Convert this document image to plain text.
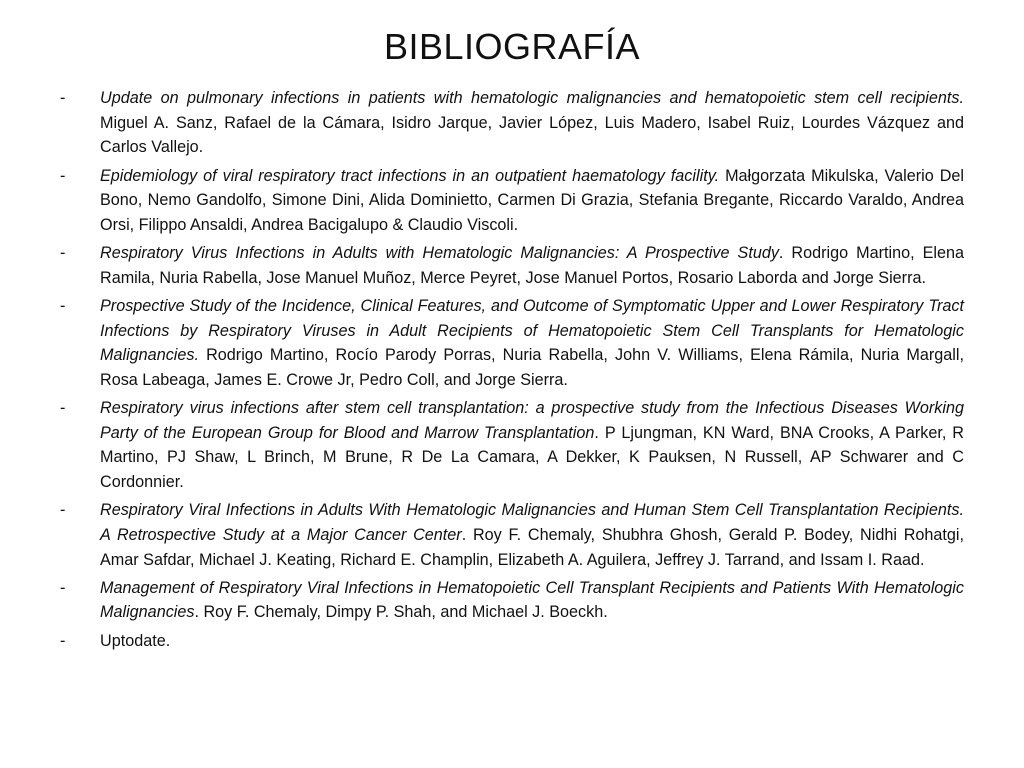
BIBLIOGRAFÍA
- Update on pulmonary infections in patients with hematologic malignancies and hematopoietic stem cell recipients. Miguel A. Sanz, Rafael de la Cámara, Isidro Jarque, Javier López, Luis Madero, Isabel Ruiz, Lourdes Vázquez and Carlos Vallejo.
- Epidemiology of viral respiratory tract infections in an outpatient haematology facility. Małgorzata Mikulska, Valerio Del Bono, Nemo Gandolfo, Simone Dini, Alida Dominietto, Carmen Di Grazia, Stefania Bregante, Riccardo Varaldo, Andrea Orsi, Filippo Ansaldi, Andrea Bacigalupo & Claudio Viscoli.
- Respiratory Virus Infections in Adults with Hematologic Malignancies: A Prospective Study. Rodrigo Martino, Elena Ramila, Nuria Rabella, Jose Manuel Muñoz, Merce Peyret, Jose Manuel Portos, Rosario Laborda and Jorge Sierra.
- Prospective Study of the Incidence, Clinical Features, and Outcome of Symptomatic Upper and Lower Respiratory Tract Infections by Respiratory Viruses in Adult Recipients of Hematopoietic Stem Cell Transplants for Hematologic Malignancies. Rodrigo Martino, Rocío Parody Porras, Nuria Rabella, John V. Williams, Elena Rámila, Nuria Margall, Rosa Labeaga, James E. Crowe Jr, Pedro Coll, and Jorge Sierra.
- Respiratory virus infections after stem cell transplantation: a prospective study from the Infectious Diseases Working Party of the European Group for Blood and Marrow Transplantation. P Ljungman, KN Ward, BNA Crooks, A Parker, R Martino, PJ Shaw, L Brinch, M Brune, R De La Camara, A Dekker, K Pauksen, N Russell, AP Schwarer and C Cordonnier.
- Respiratory Viral Infections in Adults With Hematologic Malignancies and Human Stem Cell Transplantation Recipients. A Retrospective Study at a Major Cancer Center. Roy F. Chemaly, Shubhra Ghosh, Gerald P. Bodey, Nidhi Rohatgi, Amar Safdar, Michael J. Keating, Richard E. Champlin, Elizabeth A. Aguilera, Jeffrey J. Tarrand, and Issam I. Raad.
- Management of Respiratory Viral Infections in Hematopoietic Cell Transplant Recipients and Patients With Hematologic Malignancies. Roy F. Chemaly, Dimpy P. Shah, and Michael J. Boeckh.
- Uptodate.
